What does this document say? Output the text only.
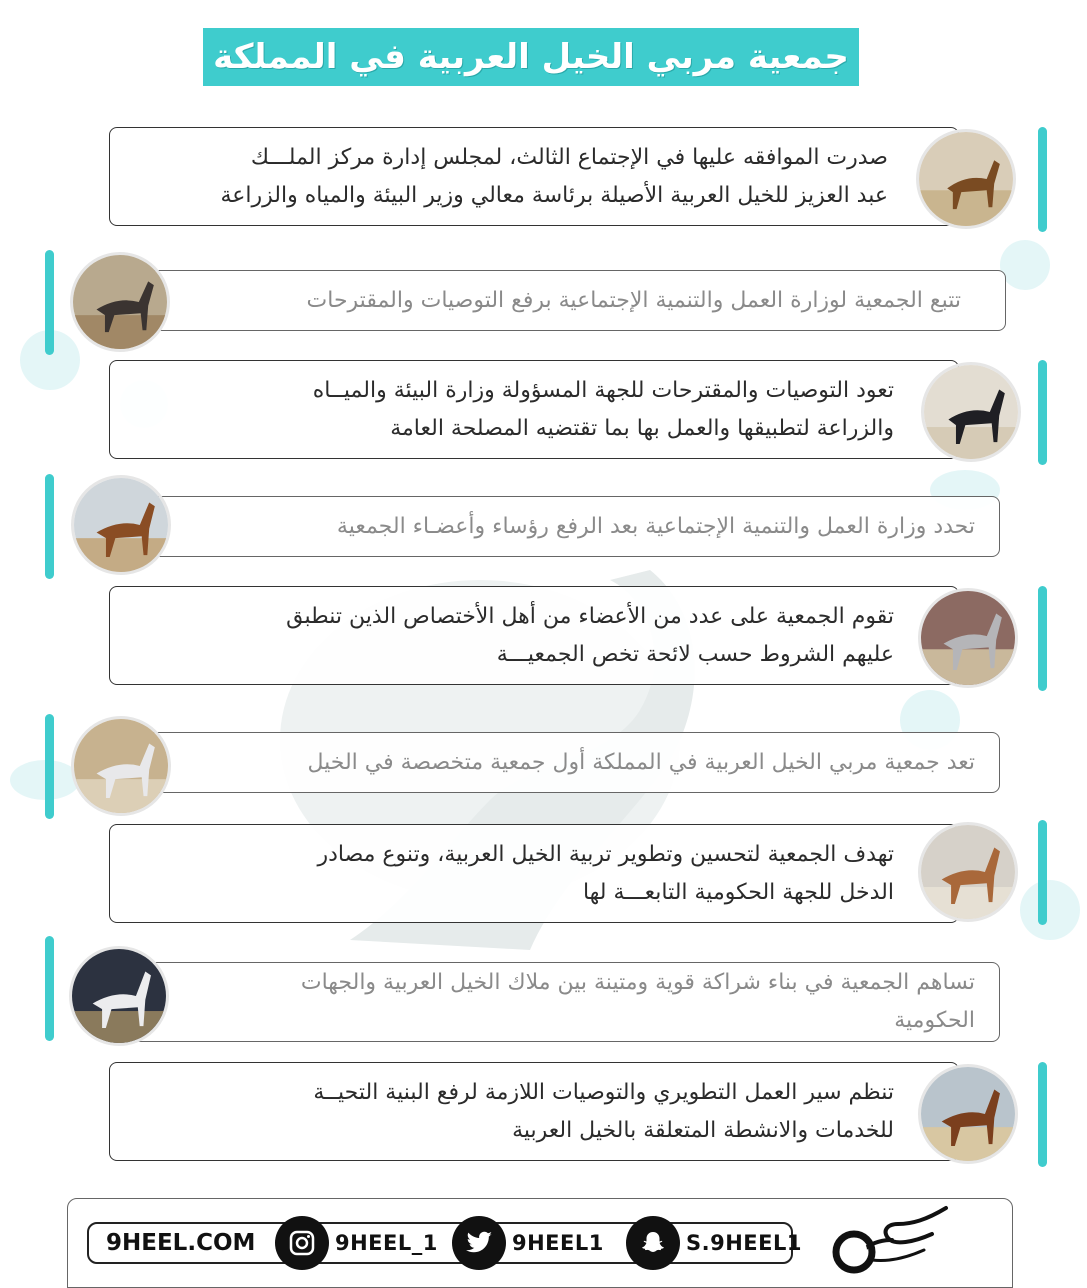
جمعية مربي الخيل العربية في المملكة
صدرت الموافقه عليها في الإجتماع الثالث، لمجلس إدارة مركز الملـــك
عبد العزيز للخيل العربية الأصيلة برئاسة معالي وزير البيئة والمياه والزراعة
تتبع الجمعية لوزارة العمل والتنمية الإجتماعية برفع التوصيات والمقترحات
تعود التوصيات والمقترحات للجهة المسؤولة وزارة البيئة والميــاه
والزراعة لتطبيقها والعمل بها بما تقتضيه المصلحة العامة
تحدد وزارة العمل والتنمية الإجتماعية بعد الرفع رؤساء وأعضـاء الجمعية
تقوم الجمعية على عدد من الأعضاء من أهل الأختصاص الذين تنطبق
عليهم الشروط حسب لائحة تخص الجمعيـــة
تعد جمعية مربي الخيل العربية في المملكة أول جمعية متخصصة في الخيل
تهدف الجمعية لتحسين وتطوير تربية الخيل العربية، وتنوع مصادر
الدخل للجهة الحكومية التابعـــة لها
تساهم الجمعية في بناء شراكة قوية ومتينة بين ملاك الخيل العربية والجهات
الحكومية
تنظم سير العمل التطويري والتوصيات اللازمة لرفع البنية التحيــة
للخدمات والانشطة المتعلقة بالخيل العربية
9HEEL.COM	9HEEL_1	9HEEL1	S.9HEEL1
